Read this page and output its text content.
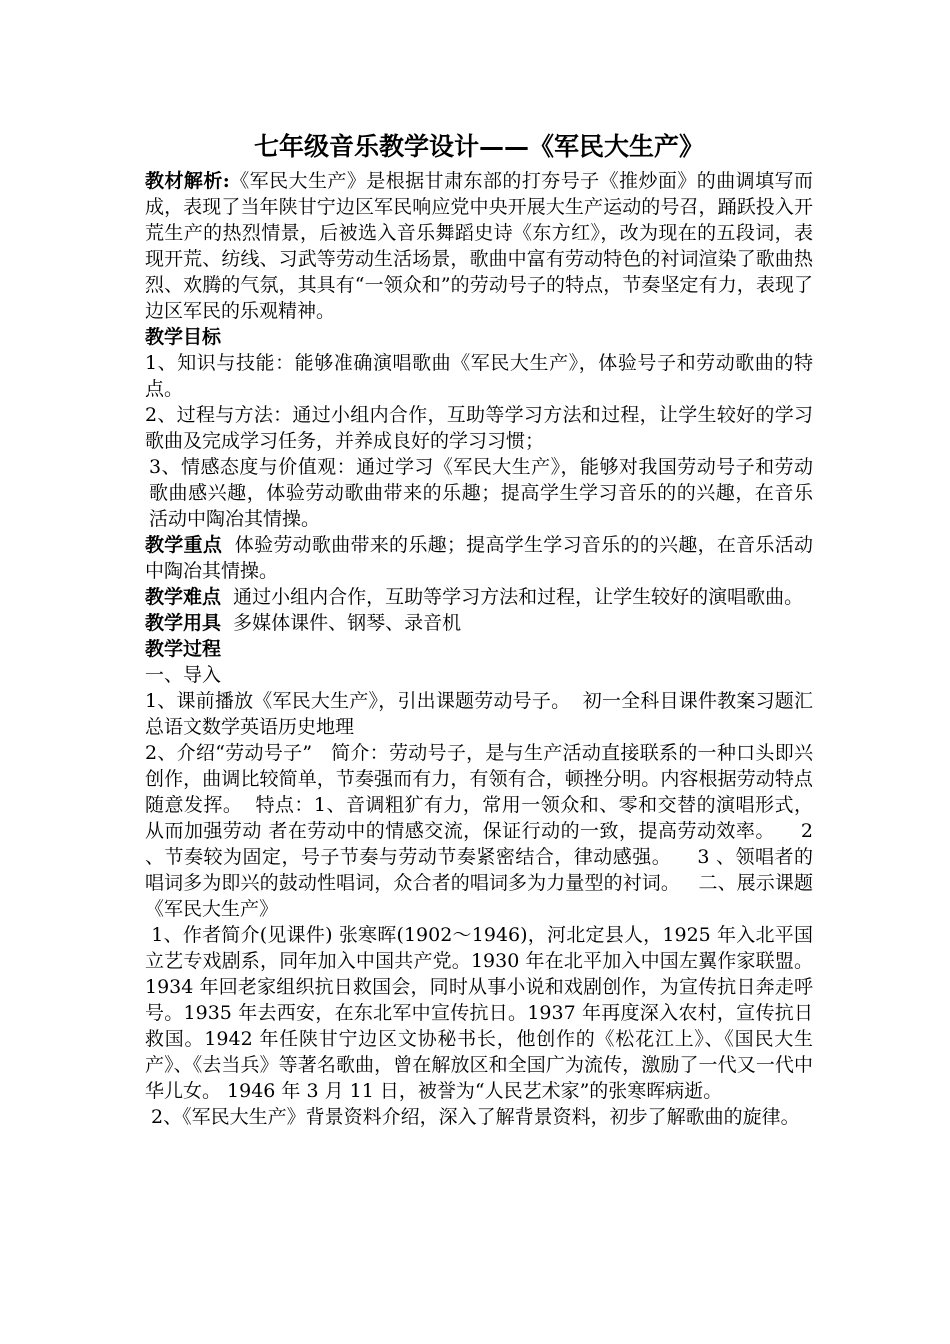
七年级音乐教学设计——《军民大生产》

教材解析:《军民大生产》是根据甘肃东部的打夯号子《推炒面》的曲调填写而成，表现了当年陕甘宁边区军民响应党中央开展大生产运动的号召，踊跃投入开荒生产的热烈情景，后被选入音乐舞蹈史诗《东方红》，改为现在的五段词，表现开荒、纺线、习武等劳动生活场景，歌曲中富有劳动特色的衬词渲染了歌曲热烈、欢腾的气氛，其具有“一领众和”的劳动号子的特点，节奏坚定有力，表现了边区军民的乐观精神。

教学目标

1、知识与技能：能够准确演唱歌曲《军民大生产》，体验号子和劳动歌曲的特点。

2、过程与方法：通过小组内合作，互助等学习方法和过程，让学生较好的学习歌曲及完成学习任务，并养成良好的学习习惯；

3、情感态度与价值观：通过学习《军民大生产》，能够对我国劳动号子和劳动歌曲感兴趣，体验劳动歌曲带来的乐趣；提高学生学习音乐的的兴趣，在音乐活动中陶冶其情操。

教学重点  体验劳动歌曲带来的乐趣；提高学生学习音乐的的兴趣，在音乐活动中陶冶其情操。

教学难点  通过小组内合作，互助等学习方法和过程，让学生较好的演唱歌曲。

教学用具  多媒体课件、钢琴、录音机

教学过程

一、导入

1、课前播放《军民大生产》，引出课题劳动号子。  初一全科目课件教案习题汇总语文数学英语历史地理

2、介绍“劳动号子”   简介：劳动号子，是与生产活动直接联系的一种口头即兴创作，曲调比较简单，节奏强而有力，有领有合，顿挫分明。内容根据劳动特点随意发挥。  特点：1、音调粗犷有力，常用一领众和、零和交替的演唱形式，从而加强劳动 者在劳动中的情感交流，保证行动的一致，提高劳动效率。    2 、节奏较为固定，号子节奏与劳动节奏紧密结合，律动感强。    3 、领唱者的唱词多为即兴的鼓动性唱词，众合者的唱词多为力量型的衬词。   二、展示课题《军民大生产》

1、作者简介(见课件) 张寒晖(1902～1946)，河北定县人，1925 年入北平国立艺专戏剧系，同年加入中国共产党。1930 年在北平加入中国左翼作家联盟。1934 年回老家组织抗日救国会，同时从事小说和戏剧创作，为宣传抗日奔走呼号。1935 年去西安，在东北军中宣传抗日。1937 年再度深入农村，宣传抗日救国。1942 年任陕甘宁边区文协秘书长，他创作的《松花江上》、《国民大生产》、《去当兵》等著名歌曲，曾在解放区和全国广为流传，激励了一代又一代中华儿女。 1946 年 3 月 11 日，被誉为“人民艺术家”的张寒晖病逝。

2、《军民大生产》背景资料介绍，深入了解背景资料，初步了解歌曲的旋律。
